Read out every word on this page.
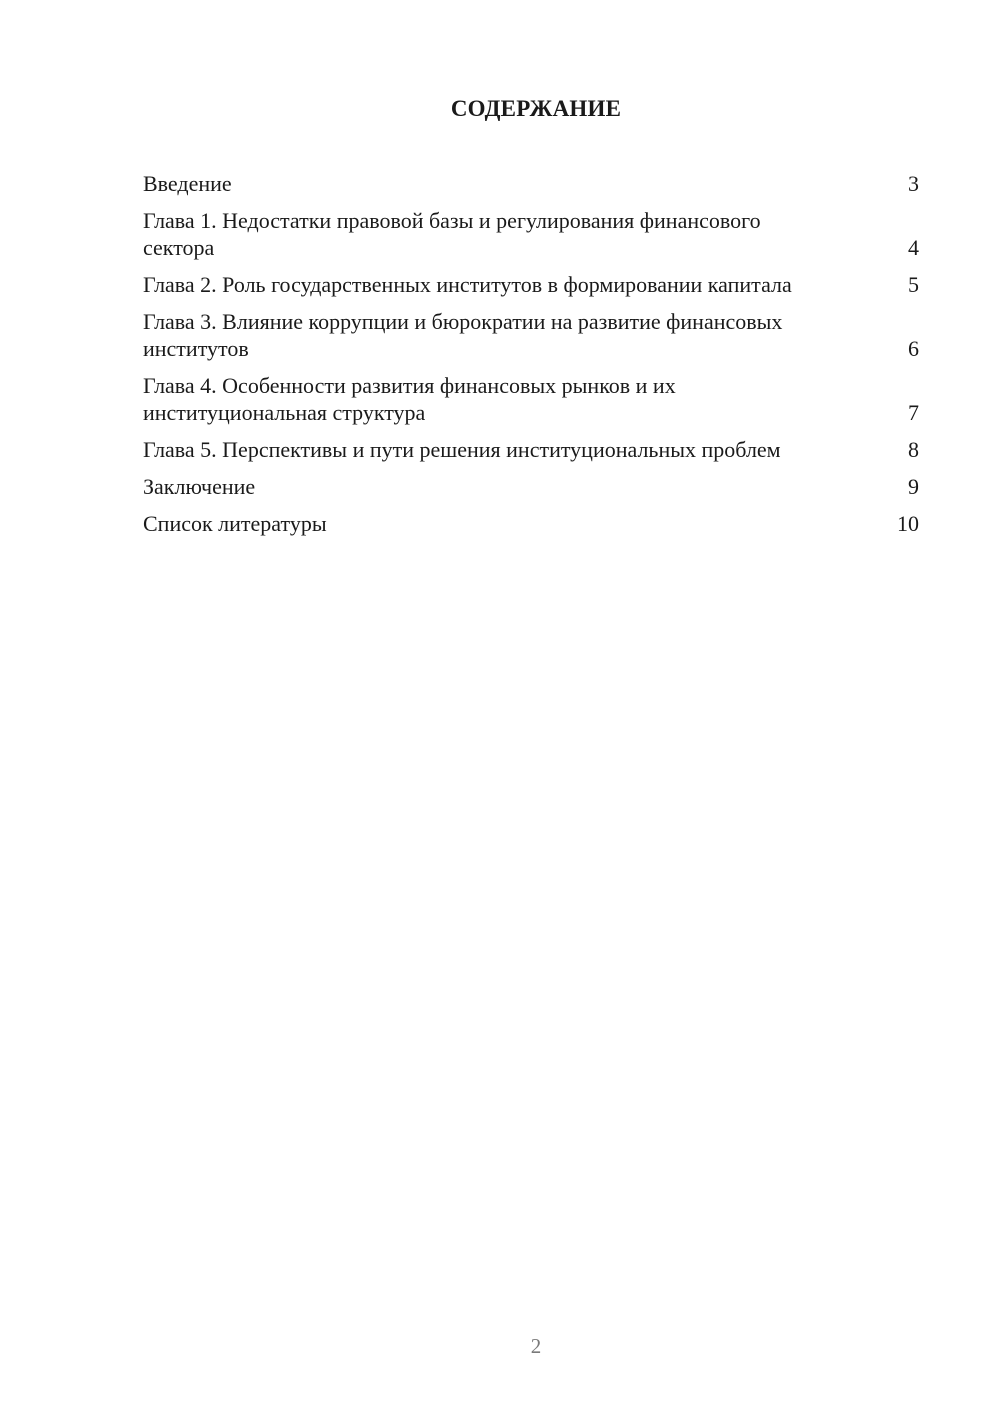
СОДЕРЖАНИЕ
Введение	3
Глава 1. Недостатки правовой базы и регулирования финансового сектора	4
Глава 2. Роль государственных институтов в формировании капитала	5
Глава 3. Влияние коррупции и бюрократии на развитие финансовых институтов	6
Глава 4. Особенности развития финансовых рынков и их институциональная структура	7
Глава 5. Перспективы и пути решения институциональных проблем	8
Заключение	9
Список литературы	10
2
